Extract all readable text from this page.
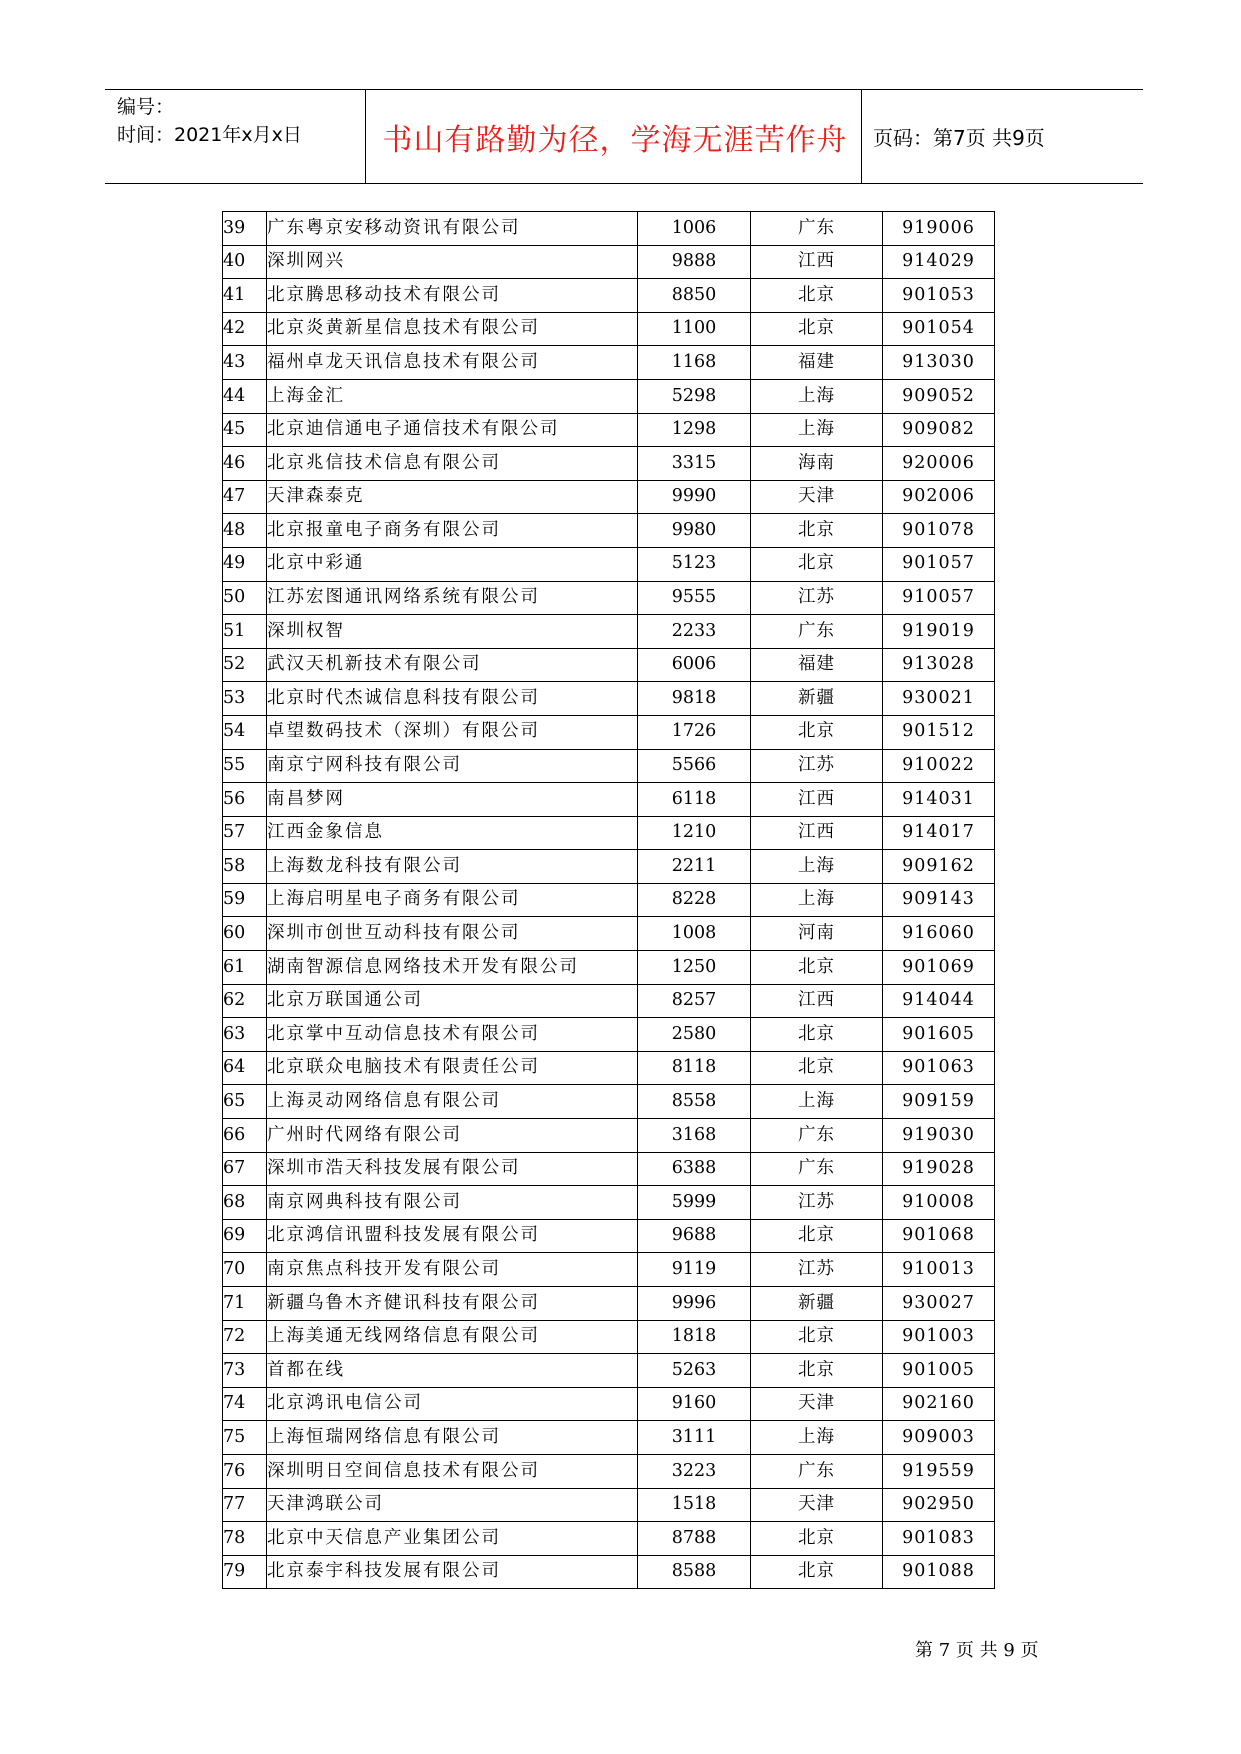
编号：
时间：2021年x月x日	书山有路勤为径，学海无涯苦作舟	页码：第7页 共9页
39	广东粤京安移动资讯有限公司	1006	广东	919006
40	深圳网兴	9888	江西	914029
41	北京腾思移动技术有限公司	8850	北京	901053
42	北京炎黄新星信息技术有限公司	1100	北京	901054
43	福州卓龙天讯信息技术有限公司	1168	福建	913030
44	上海金汇	5298	上海	909052
45	北京迪信通电子通信技术有限公司	1298	上海	909082
46	北京兆信技术信息有限公司	3315	海南	920006
47	天津森泰克	9990	天津	902006
48	北京报童电子商务有限公司	9980	北京	901078
49	北京中彩通	5123	北京	901057
50	江苏宏图通讯网络系统有限公司	9555	江苏	910057
51	深圳权智	2233	广东	919019
52	武汉天机新技术有限公司	6006	福建	913028
53	北京时代杰诚信息科技有限公司	9818	新疆	930021
54	卓望数码技术（深圳）有限公司	1726	北京	901512
55	南京宁网科技有限公司	5566	江苏	910022
56	南昌梦网	6118	江西	914031
57	江西金象信息	1210	江西	914017
58	上海数龙科技有限公司	2211	上海	909162
59	上海启明星电子商务有限公司	8228	上海	909143
60	深圳市创世互动科技有限公司	1008	河南	916060
61	湖南智源信息网络技术开发有限公司	1250	北京	901069
62	北京万联国通公司	8257	江西	914044
63	北京掌中互动信息技术有限公司	2580	北京	901605
64	北京联众电脑技术有限责任公司	8118	北京	901063
65	上海灵动网络信息有限公司	8558	上海	909159
66	广州时代网络有限公司	3168	广东	919030
67	深圳市浩天科技发展有限公司	6388	广东	919028
68	南京网典科技有限公司	5999	江苏	910008
69	北京鸿信讯盟科技发展有限公司	9688	北京	901068
70	南京焦点科技开发有限公司	9119	江苏	910013
71	新疆乌鲁木齐健讯科技有限公司	9996	新疆	930027
72	上海美通无线网络信息有限公司	1818	北京	901003
73	首都在线	5263	北京	901005
74	北京鸿讯电信公司	9160	天津	902160
75	上海恒瑞网络信息有限公司	3111	上海	909003
76	深圳明日空间信息技术有限公司	3223	广东	919559
77	天津鸿联公司	1518	天津	902950
78	北京中天信息产业集团公司	8788	北京	901083
79	北京泰宇科技发展有限公司	8588	北京	901088
第 7 页 共 9 页
